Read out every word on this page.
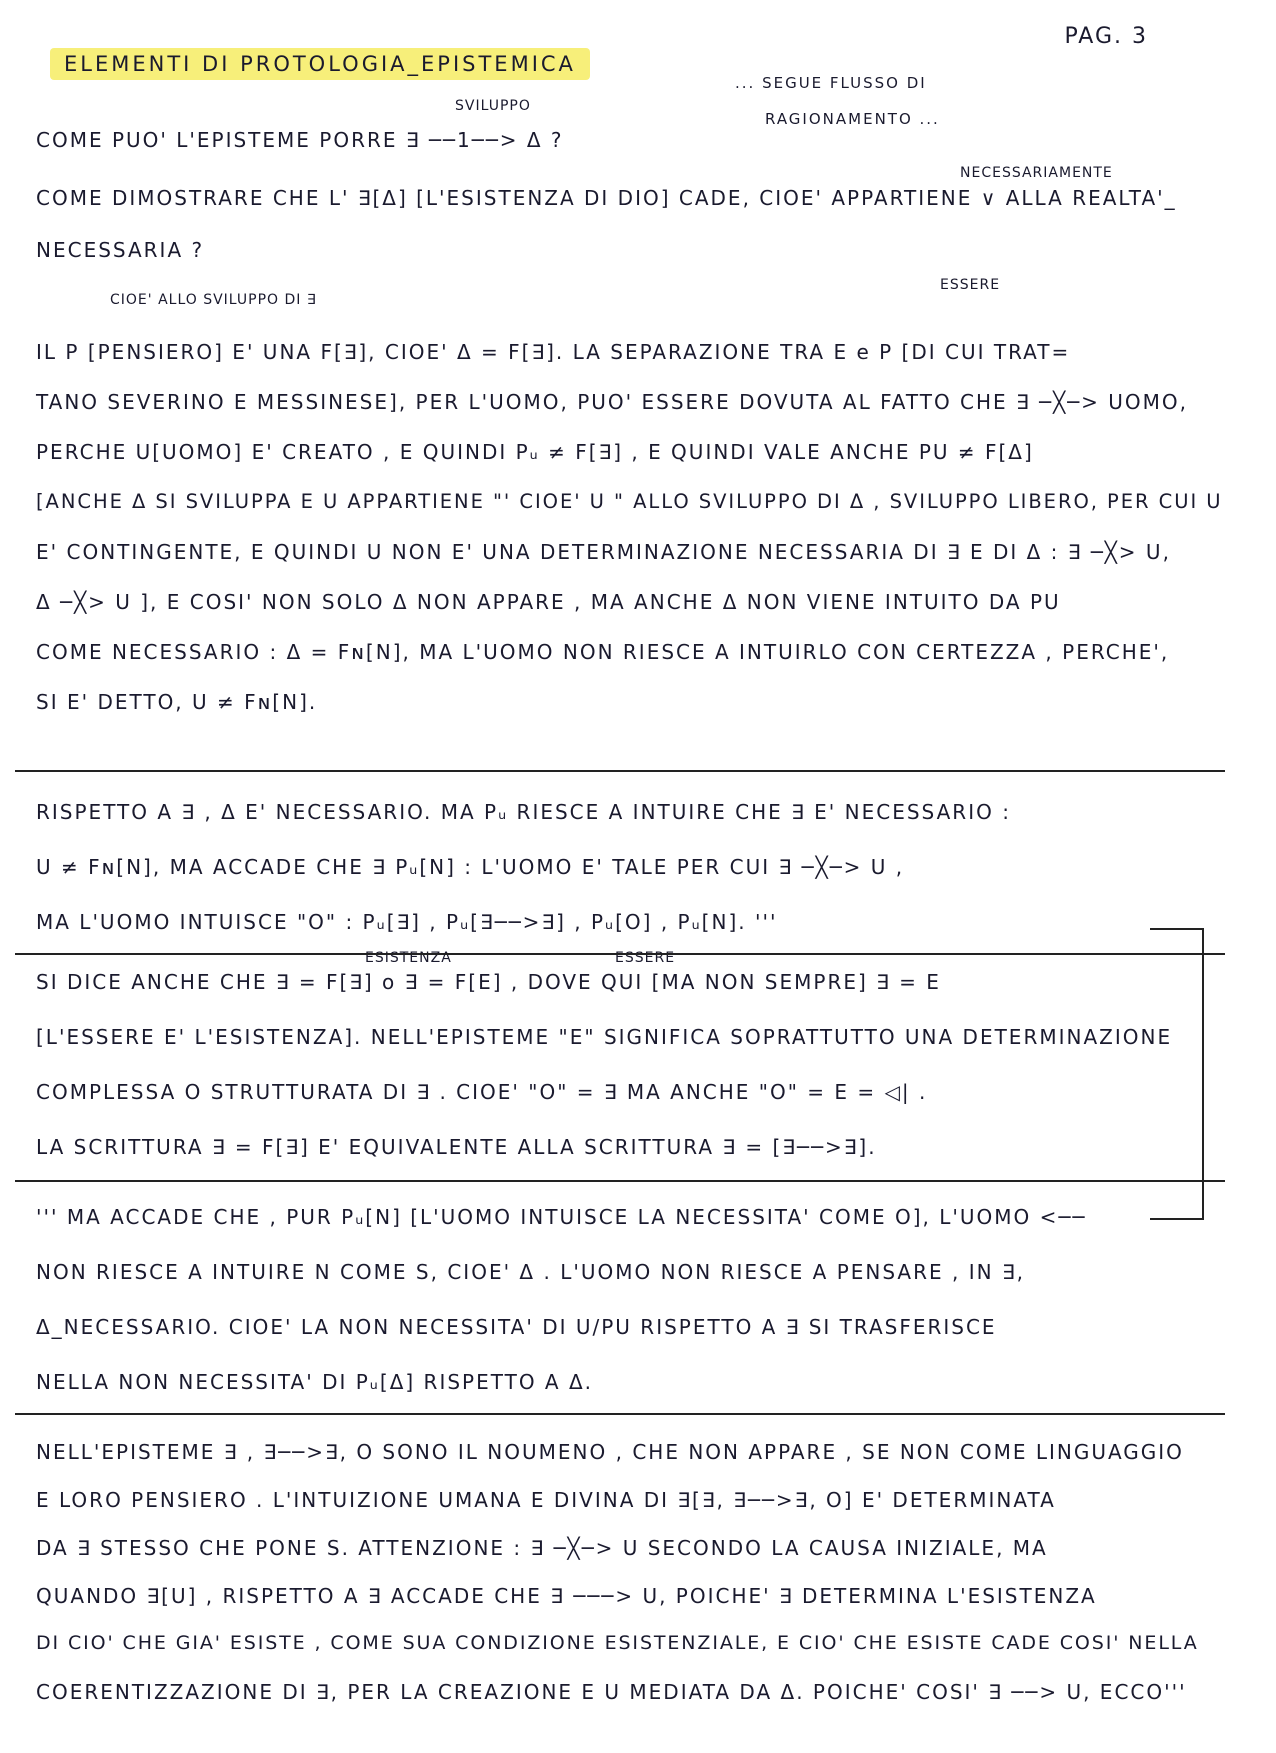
ELEMENTI DI PROTOLOGIA_EPISTEMICA
PAG. 3
... SEGUE FLUSSO DI
RAGIONAMENTO ...
SVILUPPO
NECESSARIAMENTE
CIOE' ALLO SVILUPPO DI ∃
ESSERE
ESISTENZA	ESSERE
COME PUO' L'EPISTEME PORRE ∃ ──1──> Δ ?
COME DIMOSTRARE CHE L' ∃[Δ] [L'ESISTENZA DI DIO] CADE, CIOE' APPARTIENE ∨ ALLA REALTA'_
NECESSARIA ?
IL P [PENSIERO] E' UNA F[∃], CIOE' Δ = F[∃]. LA SEPARAZIONE TRA E e P [DI CUI TRAT=
TANO SEVERINO E MESSINESE], PER L'UOMO, PUO' ESSERE DOVUTA AL FATTO CHE ∃ ─╳─> UOMO,
PERCHE U[UOMO] E' CREATO , E QUINDI Pᵤ ≠ F[∃] , E QUINDI VALE ANCHE PU ≠ F[Δ]
[ANCHE Δ SI SVILUPPA E U APPARTIENE "' CIOE' U " ALLO SVILUPPO DI Δ , SVILUPPO LIBERO, PER CUI U
E' CONTINGENTE, E QUINDI U NON E' UNA DETERMINAZIONE NECESSARIA DI ∃ E DI Δ : ∃ ─╳> U,
Δ ─╳> U ], E COSI' NON SOLO Δ NON APPARE , MA ANCHE Δ NON VIENE INTUITO DA PU
COME NECESSARIO : Δ = Fɴ[N], MA L'UOMO NON RIESCE A INTUIRLO CON CERTEZZA , PERCHE',
SI E' DETTO, U ≠ Fɴ[N].
RISPETTO A ∃ , Δ E' NECESSARIO. MA Pᵤ RIESCE A INTUIRE CHE ∃ E' NECESSARIO :
U ≠ Fɴ[N], MA ACCADE CHE ∃ Pᵤ[N] : L'UOMO E' TALE PER CUI ∃ ─╳─> U ,
MA L'UOMO INTUISCE "O" : Pᵤ[∃] , Pᵤ[∃──>∃] , Pᵤ[O] , Pᵤ[N]. '''
SI DICE ANCHE CHE ∃ = F[∃] o ∃ = F[E] , DOVE QUI [MA NON SEMPRE] ∃ = E
[L'ESSERE E' L'ESISTENZA]. NELL'EPISTEME "E" SIGNIFICA SOPRATTUTTO UNA DETERMINAZIONE
COMPLESSA O STRUTTURATA DI ∃ . CIOE' "O" = ∃ MA ANCHE "O" = E = ◁| .
LA SCRITTURA ∃ = F[∃] E' EQUIVALENTE ALLA SCRITTURA ∃ = [∃──>∃].
''' MA ACCADE CHE , PUR Pᵤ[N] [L'UOMO INTUISCE LA NECESSITA' COME O], L'UOMO <──
NON RIESCE A INTUIRE N COME S, CIOE' Δ . L'UOMO NON RIESCE A PENSARE , IN ∃,
Δ_NECESSARIO. CIOE' LA NON NECESSITA' DI U/PU RISPETTO A ∃ SI TRASFERISCE
NELLA NON NECESSITA' DI Pᵤ[Δ] RISPETTO A Δ.
NELL'EPISTEME ∃ , ∃──>∃, O SONO IL NOUMENO , CHE NON APPARE , SE NON COME LINGUAGGIO
E LORO PENSIERO . L'INTUIZIONE UMANA E DIVINA DI ∃[∃, ∃──>∃, O] E' DETERMINATA
DA ∃ STESSO CHE PONE S. ATTENZIONE : ∃ ─╳─> U SECONDO LA CAUSA INIZIALE, MA
QUANDO ∃[U] , RISPETTO A ∃ ACCADE CHE ∃ ───> U, POICHE' ∃ DETERMINA L'ESISTENZA
DI CIO' CHE GIA' ESISTE , COME SUA CONDIZIONE ESISTENZIALE, E CIO' CHE ESISTE CADE COSI' NELLA
COERENTIZZAZIONE DI ∃, PER LA CREAZIONE E U MEDIATA DA Δ. POICHE' COSI' ∃ ──> U, ECCO'''
